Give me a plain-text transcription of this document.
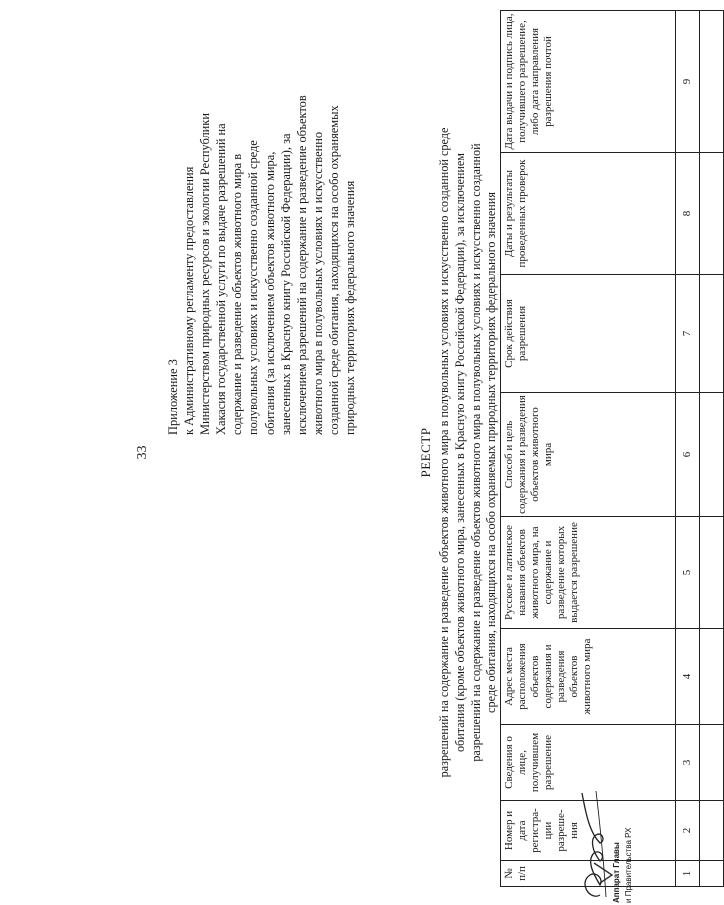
33
Приложение 3 к Административному регламенту предоставления Министерством природных ресурсов и экологии Республики Хакасия государственной услуги по выдаче разрешений на содержание и разведение объектов животного мира в полувольных условиях и искусственно созданной среде обитания (за исключением объектов животного мира, занесенных в Красную книгу Российской Федерации), за исключением разрешений на содержание и разведение объектов животного мира в полувольных условиях и искусственно созданной среде обитания, находящихся на особо охраняемых природных территориях федерального значения
РЕЕСТР разрешений на содержание и разведение объектов животного мира в полувольных условиях и искусственно созданной среде обитания (кроме объектов животного мира, занесенных в Красную книгу Российской Федерации), за исключением разрешений на содержание и разведение объектов животного мира в полувольных условиях и искусственно созданной среде обитания, находящихся на особо охраняемых природных территориях федерального значения
№ п/п	Номер и дата регистра-ции разреше-ния	Сведения о лице, получившем разрешение	Адрес места расположения объектов содержания и разведения объектов животного мира	Русское и латинское названия объектов животного мира, на содержание и разведение которых выдается разрешение	Способ и цель содержания и разведения объектов животного мира	Срок действия разрешения	Даты и результаты проведенных проверок	Дата выдачи и подпись лица, получившего разрешение, либо дата направления разрешения почтой
1	2	3	4	5	6	7	8	9

Аппарат Главы и Правительства РХ
